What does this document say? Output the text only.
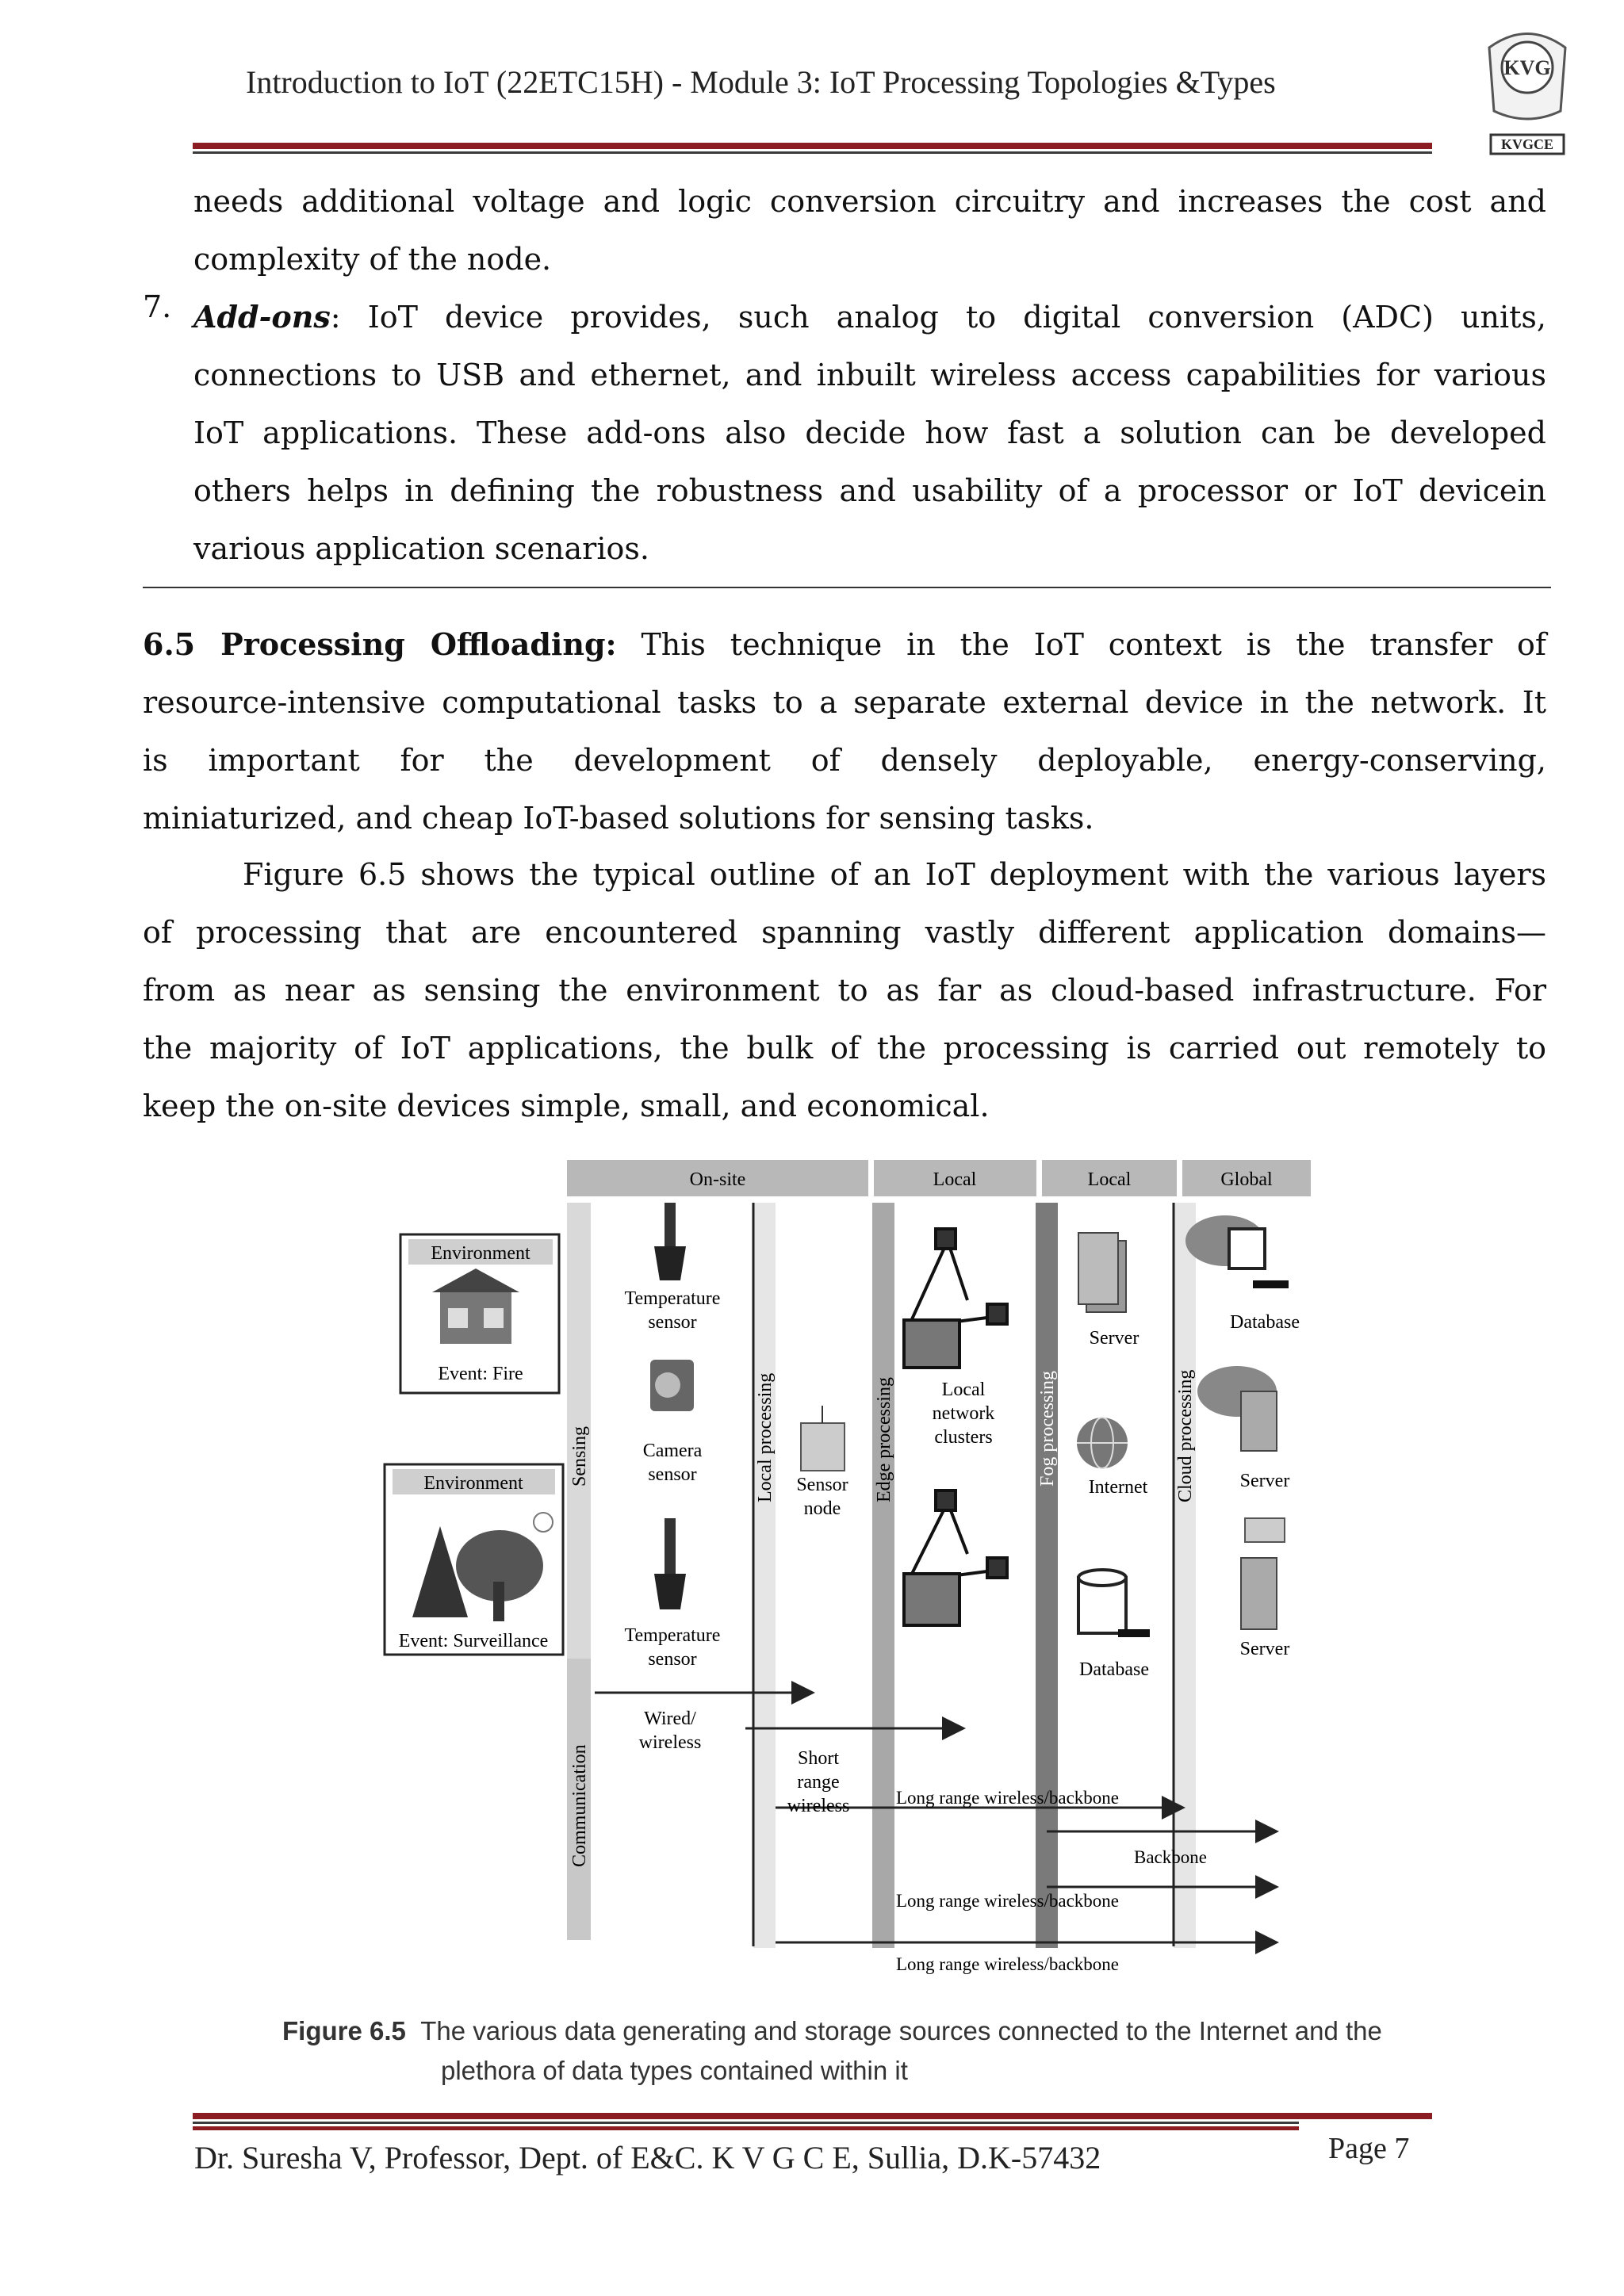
Introduction to IoT (22ETC15H) - Module 3: IoT Processing Topologies &Types	KVG
KVGCE
needs additional voltage and logic conversion circuitry and increases the cost and
complexity of the node.
7. Add-ons: IoT device provides, such analog to digital conversion (ADC) units,
connections to USB and ethernet, and inbuilt wireless access capabilities for various
IoT applications. These add-ons also decide how fast a solution can be developed
others helps in defining the robustness and usability of a processor or IoT devicein
various application scenarios.
6.5 Processing Offloading: This technique in the IoT context is the transfer of
resource-intensive computational tasks to a separate external device in the network. It
is important for the development of densely deployable, energy-conserving,
miniaturized, and cheap IoT-based solutions for sensing tasks.
Figure 6.5 shows the typical outline of an IoT deployment with the various layers
of processing that are encountered spanning vastly different application domains—
from as near as sensing the environment to as far as cloud-based infrastructure. For
the majority of IoT applications, the bulk of the processing is carried out remotely to
keep the on-site devices simple, small, and economical.
On-site	Local	Local	Global
Sensing
Communication
Local processing	Edge processing	Fog processing	Cloud processing
Environment
Event: Fire
Environment
Event: Surveillance
Temperature
sensor
Camera
sensor
Temperature
sensor
Sensor
node
Local
network
clusters
Server
Internet
Database
Database
Server
Server
Wired/
wireless
Short
range
wireless	Long range wireless/backbone
Backbone
Long range wireless/backbone
Long range wireless/backbone
Figure 6.5 The various data generating and storage sources connected to the Internet and the
plethora of data types contained within it
Dr. Suresha V, Professor, Dept. of E&C. K V G C E, Sullia, D.K-57432	Page 7
